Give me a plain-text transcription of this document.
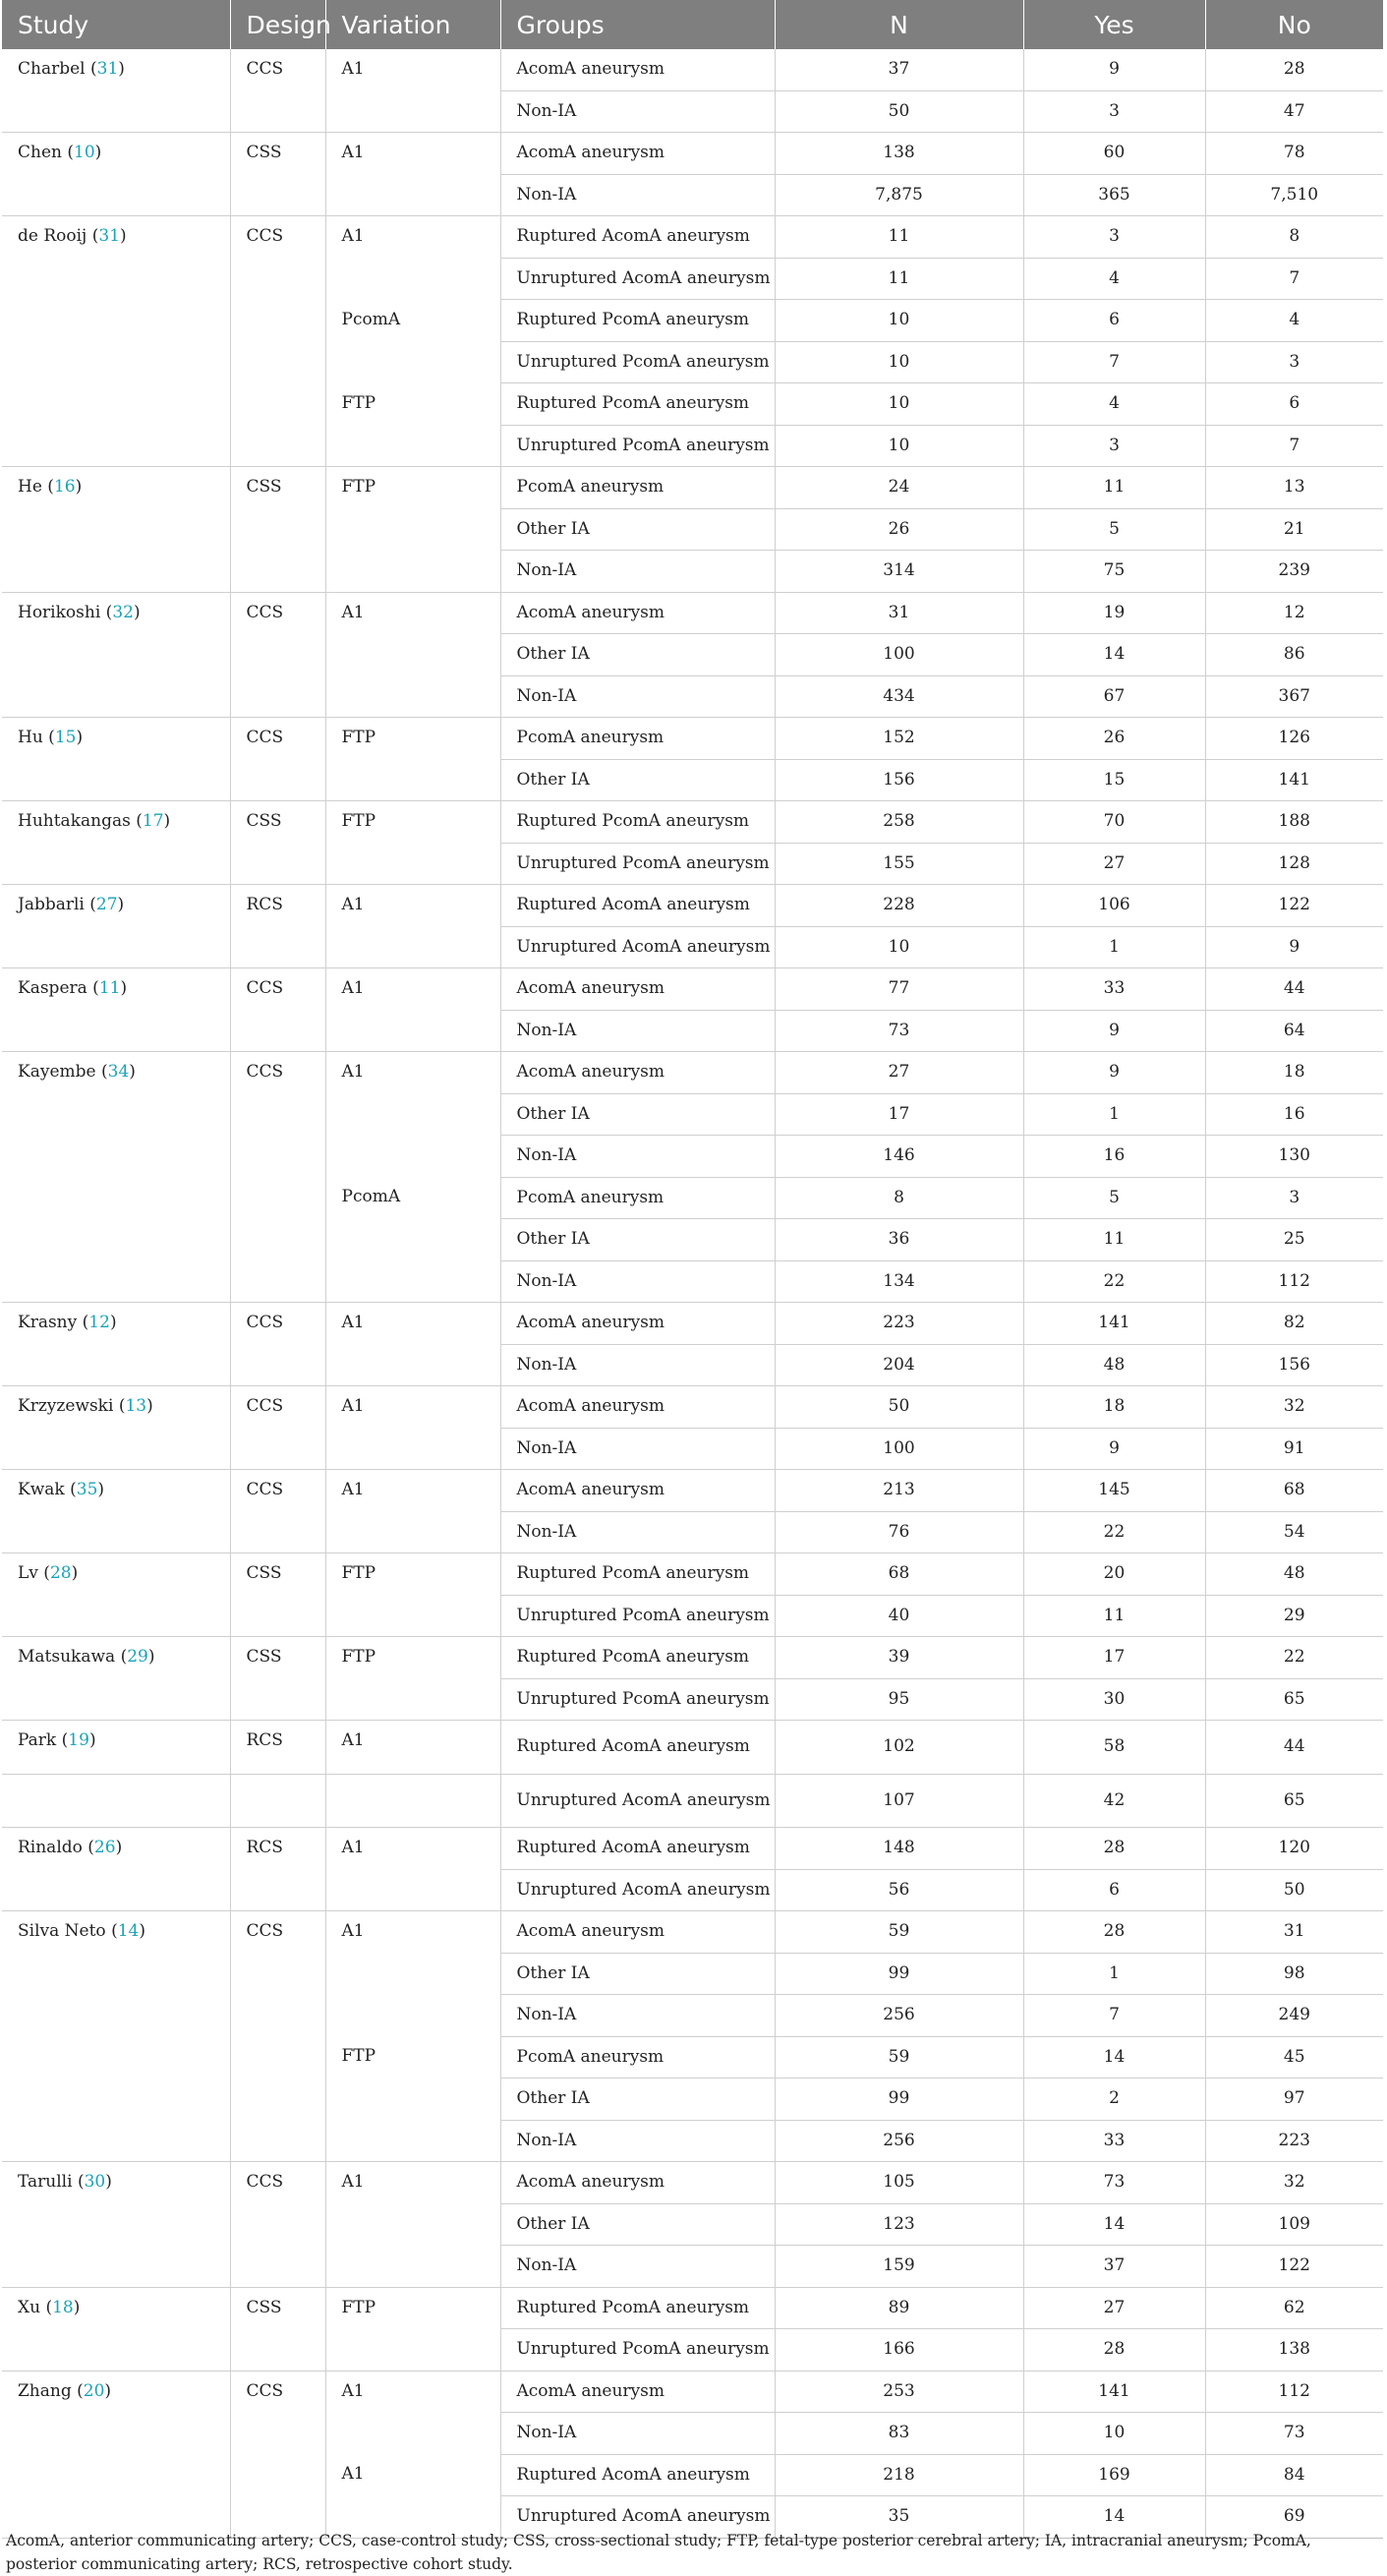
Study	Design	Variation	Groups	N	Yes	No
Charbel (31)	CCS	A1	AcomA aneurysm	37	9	28
			Non-IA	50	3	47
Chen (10)	CSS	A1	AcomA aneurysm	138	60	78
			Non-IA	7,875	365	7,510
de Rooij (31)	CCS	A1	Ruptured AcomA aneurysm	11	3	8
			Unruptured AcomA aneurysm	11	4	7
		PcomA	Ruptured PcomA aneurysm	10	6	4
			Unruptured PcomA aneurysm	10	7	3
		FTP	Ruptured PcomA aneurysm	10	4	6
			Unruptured PcomA aneurysm	10	3	7
He (16)	CSS	FTP	PcomA aneurysm	24	11	13
			Other IA	26	5	21
			Non-IA	314	75	239
Horikoshi (32)	CCS	A1	AcomA aneurysm	31	19	12
			Other IA	100	14	86
			Non-IA	434	67	367
Hu (15)	CCS	FTP	PcomA aneurysm	152	26	126
			Other IA	156	15	141
Huhtakangas (17)	CSS	FTP	Ruptured PcomA aneurysm	258	70	188
			Unruptured PcomA aneurysm	155	27	128
Jabbarli (27)	RCS	A1	Ruptured AcomA aneurysm	228	106	122
			Unruptured AcomA aneurysm	10	1	9
Kaspera (11)	CCS	A1	AcomA aneurysm	77	33	44
			Non-IA	73	9	64
Kayembe (34)	CCS	A1	AcomA aneurysm	27	9	18
			Other IA	17	1	16
			Non-IA	146	16	130
		PcomA	PcomA aneurysm	8	5	3
			Other IA	36	11	25
			Non-IA	134	22	112
Krasny (12)	CCS	A1	AcomA aneurysm	223	141	82
			Non-IA	204	48	156
Krzyzewski (13)	CCS	A1	AcomA aneurysm	50	18	32
			Non-IA	100	9	91
Kwak (35)	CCS	A1	AcomA aneurysm	213	145	68
			Non-IA	76	22	54
Lv (28)	CSS	FTP	Ruptured PcomA aneurysm	68	20	48
			Unruptured PcomA aneurysm	40	11	29
Matsukawa (29)	CSS	FTP	Ruptured PcomA aneurysm	39	17	22
			Unruptured PcomA aneurysm	95	30	65
Park (19)	RCS	A1	Ruptured AcomA aneurysm	102	58	44
			Unruptured AcomA aneurysm	107	42	65
Rinaldo (26)	RCS	A1	Ruptured AcomA aneurysm	148	28	120
			Unruptured AcomA aneurysm	56	6	50
Silva Neto (14)	CCS	A1	AcomA aneurysm	59	28	31
			Other IA	99	1	98
			Non-IA	256	7	249
		FTP	PcomA aneurysm	59	14	45
			Other IA	99	2	97
			Non-IA	256	33	223
Tarulli (30)	CCS	A1	AcomA aneurysm	105	73	32
			Other IA	123	14	109
			Non-IA	159	37	122
Xu (18)	CSS	FTP	Ruptured PcomA aneurysm	89	27	62
			Unruptured PcomA aneurysm	166	28	138
Zhang (20)	CCS	A1	AcomA aneurysm	253	141	112
			Non-IA	83	10	73
		A1	Ruptured AcomA aneurysm	218	169	84
			Unruptured AcomA aneurysm	35	14	69
AcomA, anterior communicating artery; CCS, case-control study; CSS, cross-sectional study; FTP, fetal-type posterior cerebral artery; IA, intracranial aneurysm; PcomA, posterior communicating artery; RCS, retrospective cohort study.
